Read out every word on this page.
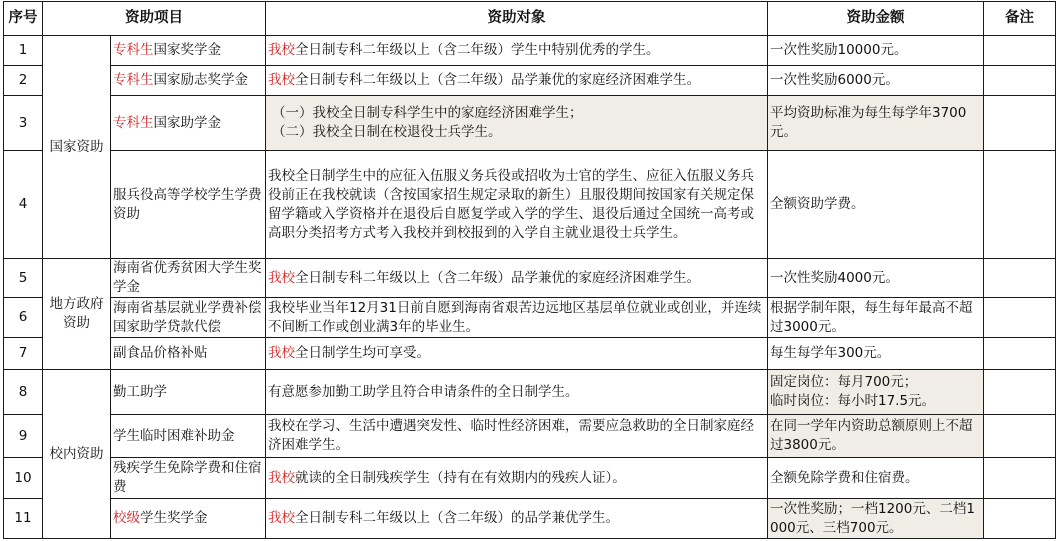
序号	资助项目		资助对象	资助金额	备注
1	国家资助	专科生国家奖学金	我校全日制专科二年级以上（含二年级）学生中特别优秀的学生。	一次性奖励10000元。	
2		专科生国家励志奖学金	我校全日制专科二年级以上（含二年级）品学兼优的家庭经济困难学生。	一次性奖励6000元。	
3		专科生国家助学金	（一）我校全日制专科学生中的家庭经济困难学生；
（二）我校全日制在校退役士兵学生。	平均资助标准为每生每学年3700元。	
4		服兵役高等学校学生学费资助	我校全日制学生中的应征入伍服义务兵役或招收为士官的学生、应征入伍服义务兵役前正在我校就读（含按国家招生规定录取的新生）且服役期间按国家有关规定保留学籍或入学资格并在退役后自愿复学或入学的学生、退役后通过全国统一高考或高职分类招考方式考入我校并到校报到的入学自主就业退役士兵学生。	全额资助学费。	
5	地方政府资助	海南省优秀贫困大学生奖学金	我校全日制专科二年级以上（含二年级）品学兼优的家庭经济困难学生。	一次性奖励4000元。	
6		海南省基层就业学费补偿国家助学贷款代偿	我校毕业当年12月31日前自愿到海南省艰苦边远地区基层单位就业或创业，并连续不间断工作或创业满3年的毕业生。	根据学制年限，每生每年最高不超过3000元。	
7		副食品价格补贴	我校全日制学生均可享受。	每生每学年300元。	
8	校内资助	勤工助学	有意愿参加勤工助学且符合申请条件的全日制学生。	固定岗位：每月700元；
临时岗位：每小时17.5元。	

9		学生临时困难补助金	我校在学习、生活中遭遇突发性、临时性经济困难，需要应急救助的全日制家庭经济困难学生。	在同一学年内资助总额原则上不超过3800元。	
10		残疾学生免除学费和住宿费	我校就读的全日制残疾学生（持有在有效期内的残疾人证）。	全额免除学费和住宿费。	
11		校级学生奖学金	我校全日制专科二年级以上（含二年级）的品学兼优学生。	一次性奖励；一档1200元、二档1000元、三档700元。	
